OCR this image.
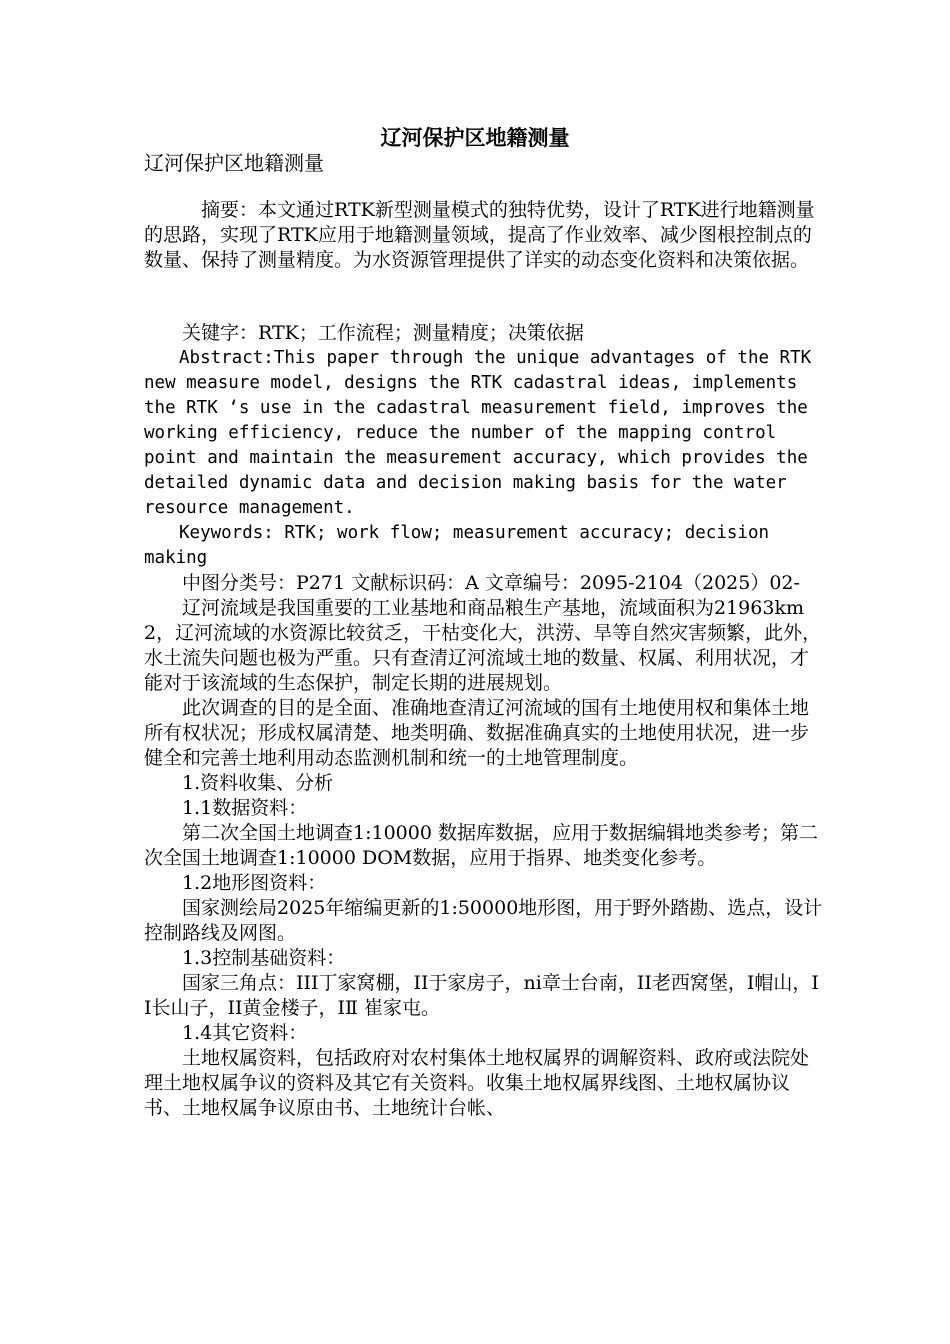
辽河保护区地籍测量
辽河保护区地籍测量

摘要：本文通过RTK新型测量模式的独特优势，设计了RTK进行地籍测量的思路，实现了RTK应用于地籍测量领域，提高了作业效率、减少图根控制点的数量、保持了测量精度。为水资源管理提供了详实的动态变化资料和决策依据。

关键字：RTK；工作流程；测量精度；决策依据

Abstract:This paper through the unique advantages of the RTK new measure model, designs the RTK cadastral ideas, implements the RTK ‘s use in the cadastral measurement field, improves the working efficiency, reduce the number of the mapping control point and maintain the measurement accuracy, which provides the detailed dynamic data and decision making basis for the water resource management.

Keywords: RTK; work flow; measurement accuracy; decision making

中图分类号：P271 文献标识码：A 文章编号：2095-2104（2025）02-

辽河流域是我国重要的工业基地和商品粮生产基地，流域面积为21963km2，辽河流域的水资源比较贫乏，干枯变化大，洪涝、旱等自然灾害频繁，此外，水土流失问题也极为严重。只有查清辽河流域土地的数量、权属、利用状况，才能对于该流域的生态保护，制定长期的进展规划。

此次调查的目的是全面、准确地查清辽河流域的国有土地使用权和集体土地所有权状况；形成权属清楚、地类明确、数据准确真实的土地使用状况，进一步健全和完善土地利用动态监测机制和统一的土地管理制度。

1.资料收集、分析

1.1数据资料：

第二次全国土地调查1:10000 数据库数据，应用于数据编辑地类参考；第二次全国土地调查1:10000 DOM数据，应用于指界、地类变化参考。

1.2地形图资料：

国家测绘局2025年缩编更新的1:50000地形图，用于野外踏勘、选点，设计控制路线及网图。

1.3控制基础资料：

国家三角点：III丁家窝棚，II于家房子，ni章士台南，II老西窝堡，I帽山，II长山子，II黄金楼子，IⅡ 崔家屯。

1.4其它资料：

土地权属资料，包括政府对农村集体土地权属界的调解资料、政府或法院处理土地权属争议的资料及其它有关资料。收集土地权属界线图、土地权属协议书、土地权属争议原由书、土地统计台帐、
